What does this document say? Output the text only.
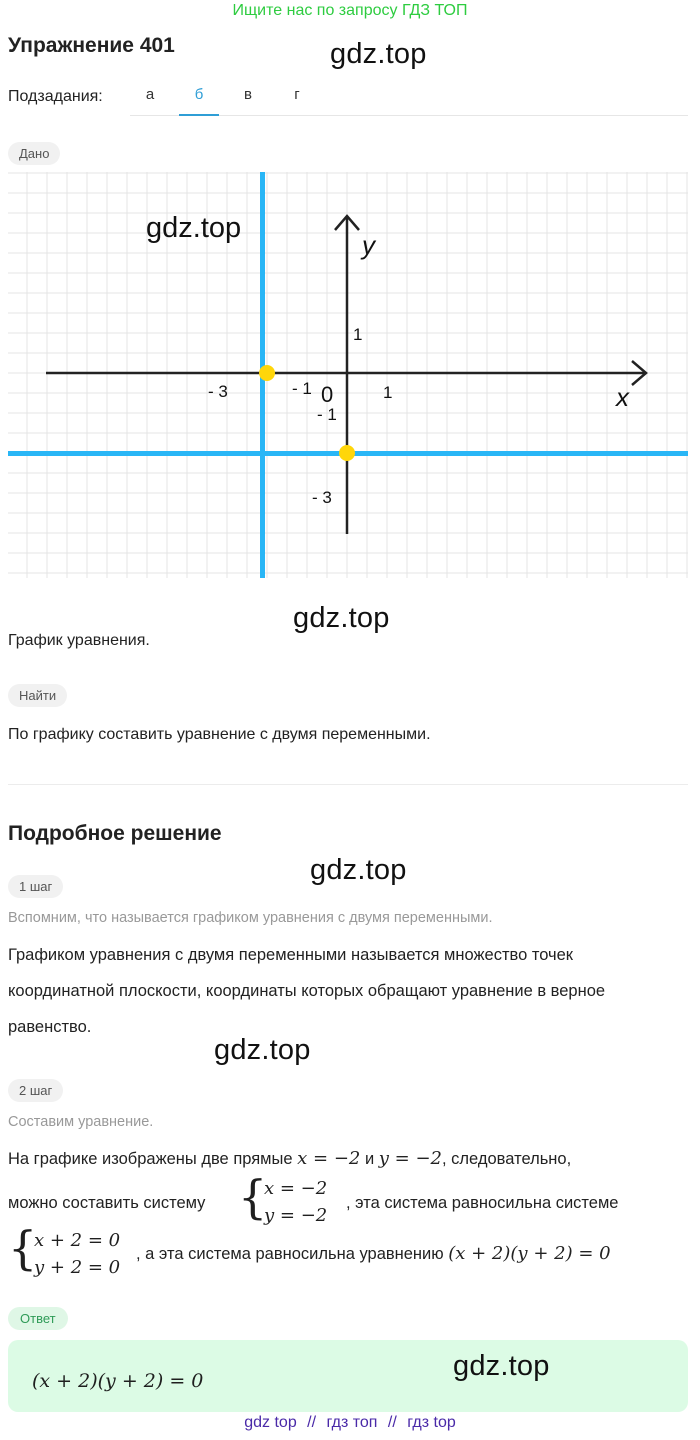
Ищите нас по запросу ГДЗ ТОП
Упражнение 401	gdz.top
Подзадания:	а	б	в	г
Дано
y
x
0
1
1
- 1
- 3
- 1
- 3
gdz.top
gdz.top
График уравнения.
Найти
По графику составить уравнение с двумя переменными.
Подробное решение
gdz.top
1 шаг
Вспомним, что называется графиком уравнения с двумя переменными.
Графиком уравнения с двумя переменными называется множество точек
координатной плоскости, координаты которых обращают уравнение в верное
равенство.
gdz.top
2 шаг
Составим уравнение.
На графике изображены две прямые x = −2 и y = −2, следовательно,
можно составить систему {
x = −2
y = −2
, эта система равносильна системе
{
x + 2 = 0
y + 2 = 0
, а эта система равносильна уравнению (x + 2)(y + 2) = 0
Ответ
(x + 2)(y + 2) = 0	gdz.top
gdz top // гдз топ // гдз top
